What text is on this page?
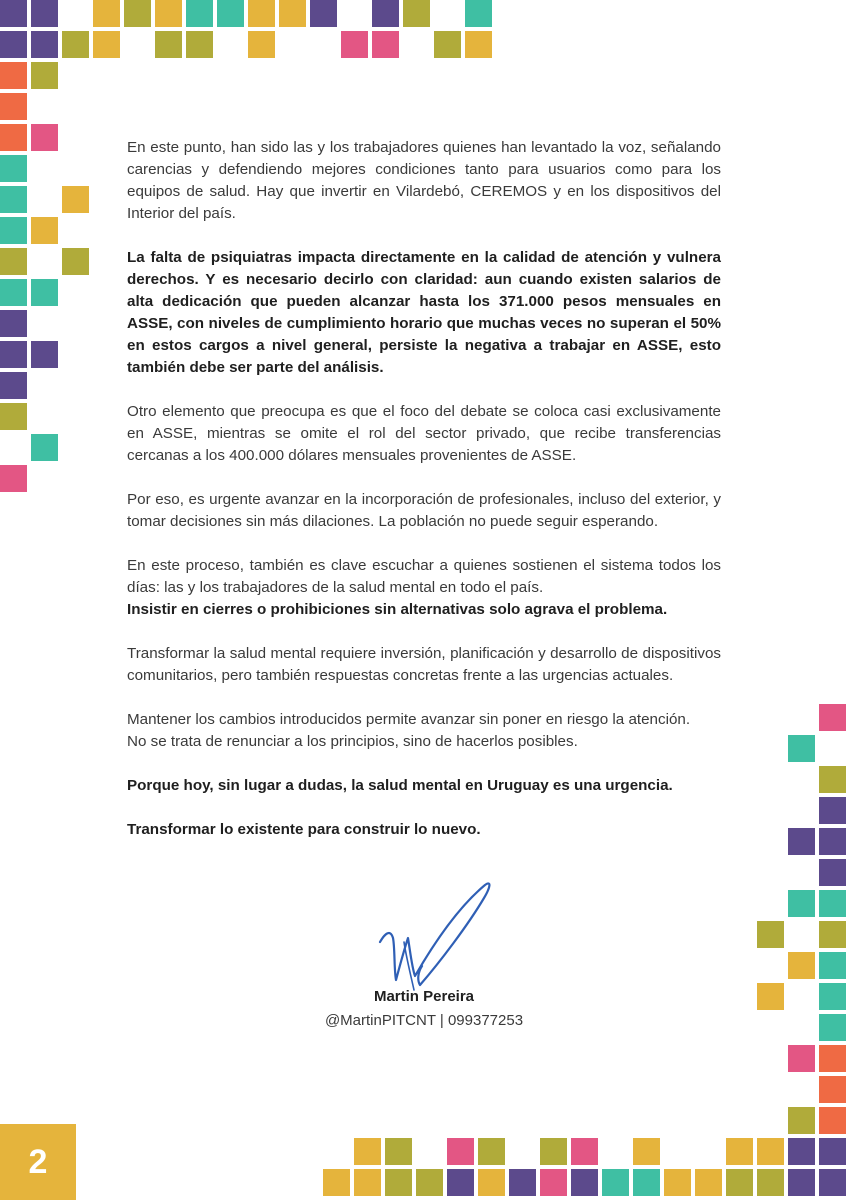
En este punto, han sido las y los trabajadores quienes han levantado la voz, señalando carencias y defendiendo mejores condiciones tanto para usuarios como para los equipos de salud. Hay que invertir en Vilardebó, CEREMOS y en los dispositivos del Interior del país.

La falta de psiquiatras impacta directamente en la calidad de atención y vulnera derechos. Y es necesario decirlo con claridad: aun cuando existen salarios de alta dedicación que pueden alcanzar hasta los 371.000 pesos mensuales en ASSE, con niveles de cumplimiento horario que muchas veces no superan el 50% en estos cargos a nivel general, persiste la negativa a trabajar en ASSE, esto también debe ser parte del análisis.

Otro elemento que preocupa es que el foco del debate se coloca casi exclusivamente en ASSE, mientras se omite el rol del sector privado, que recibe transferencias cercanas a los 400.000 dólares mensuales provenientes de ASSE.

Por eso, es urgente avanzar en la incorporación de profesionales, incluso del exterior, y tomar decisiones sin más dilaciones. La población no puede seguir esperando.

En este proceso, también es clave escuchar a quienes sostienen el sistema todos los días: las y los trabajadores de la salud mental en todo el país.

Insistir en cierres o prohibiciones sin alternativas solo agrava el problema.

Transformar la salud mental requiere inversión, planificación y desarrollo de dispositivos comunitarios, pero también respuestas concretas frente a las urgencias actuales.

Mantener los cambios introducidos permite avanzar sin poner en riesgo la atención.

No se trata de renunciar a los principios, sino de hacerlos posibles.

Porque hoy, sin lugar a dudas, la salud mental en Uruguay es una urgencia.

Transformar lo existente para construir lo nuevo.

Martin Pereira
@MartinPITCNT | 099377253
2
